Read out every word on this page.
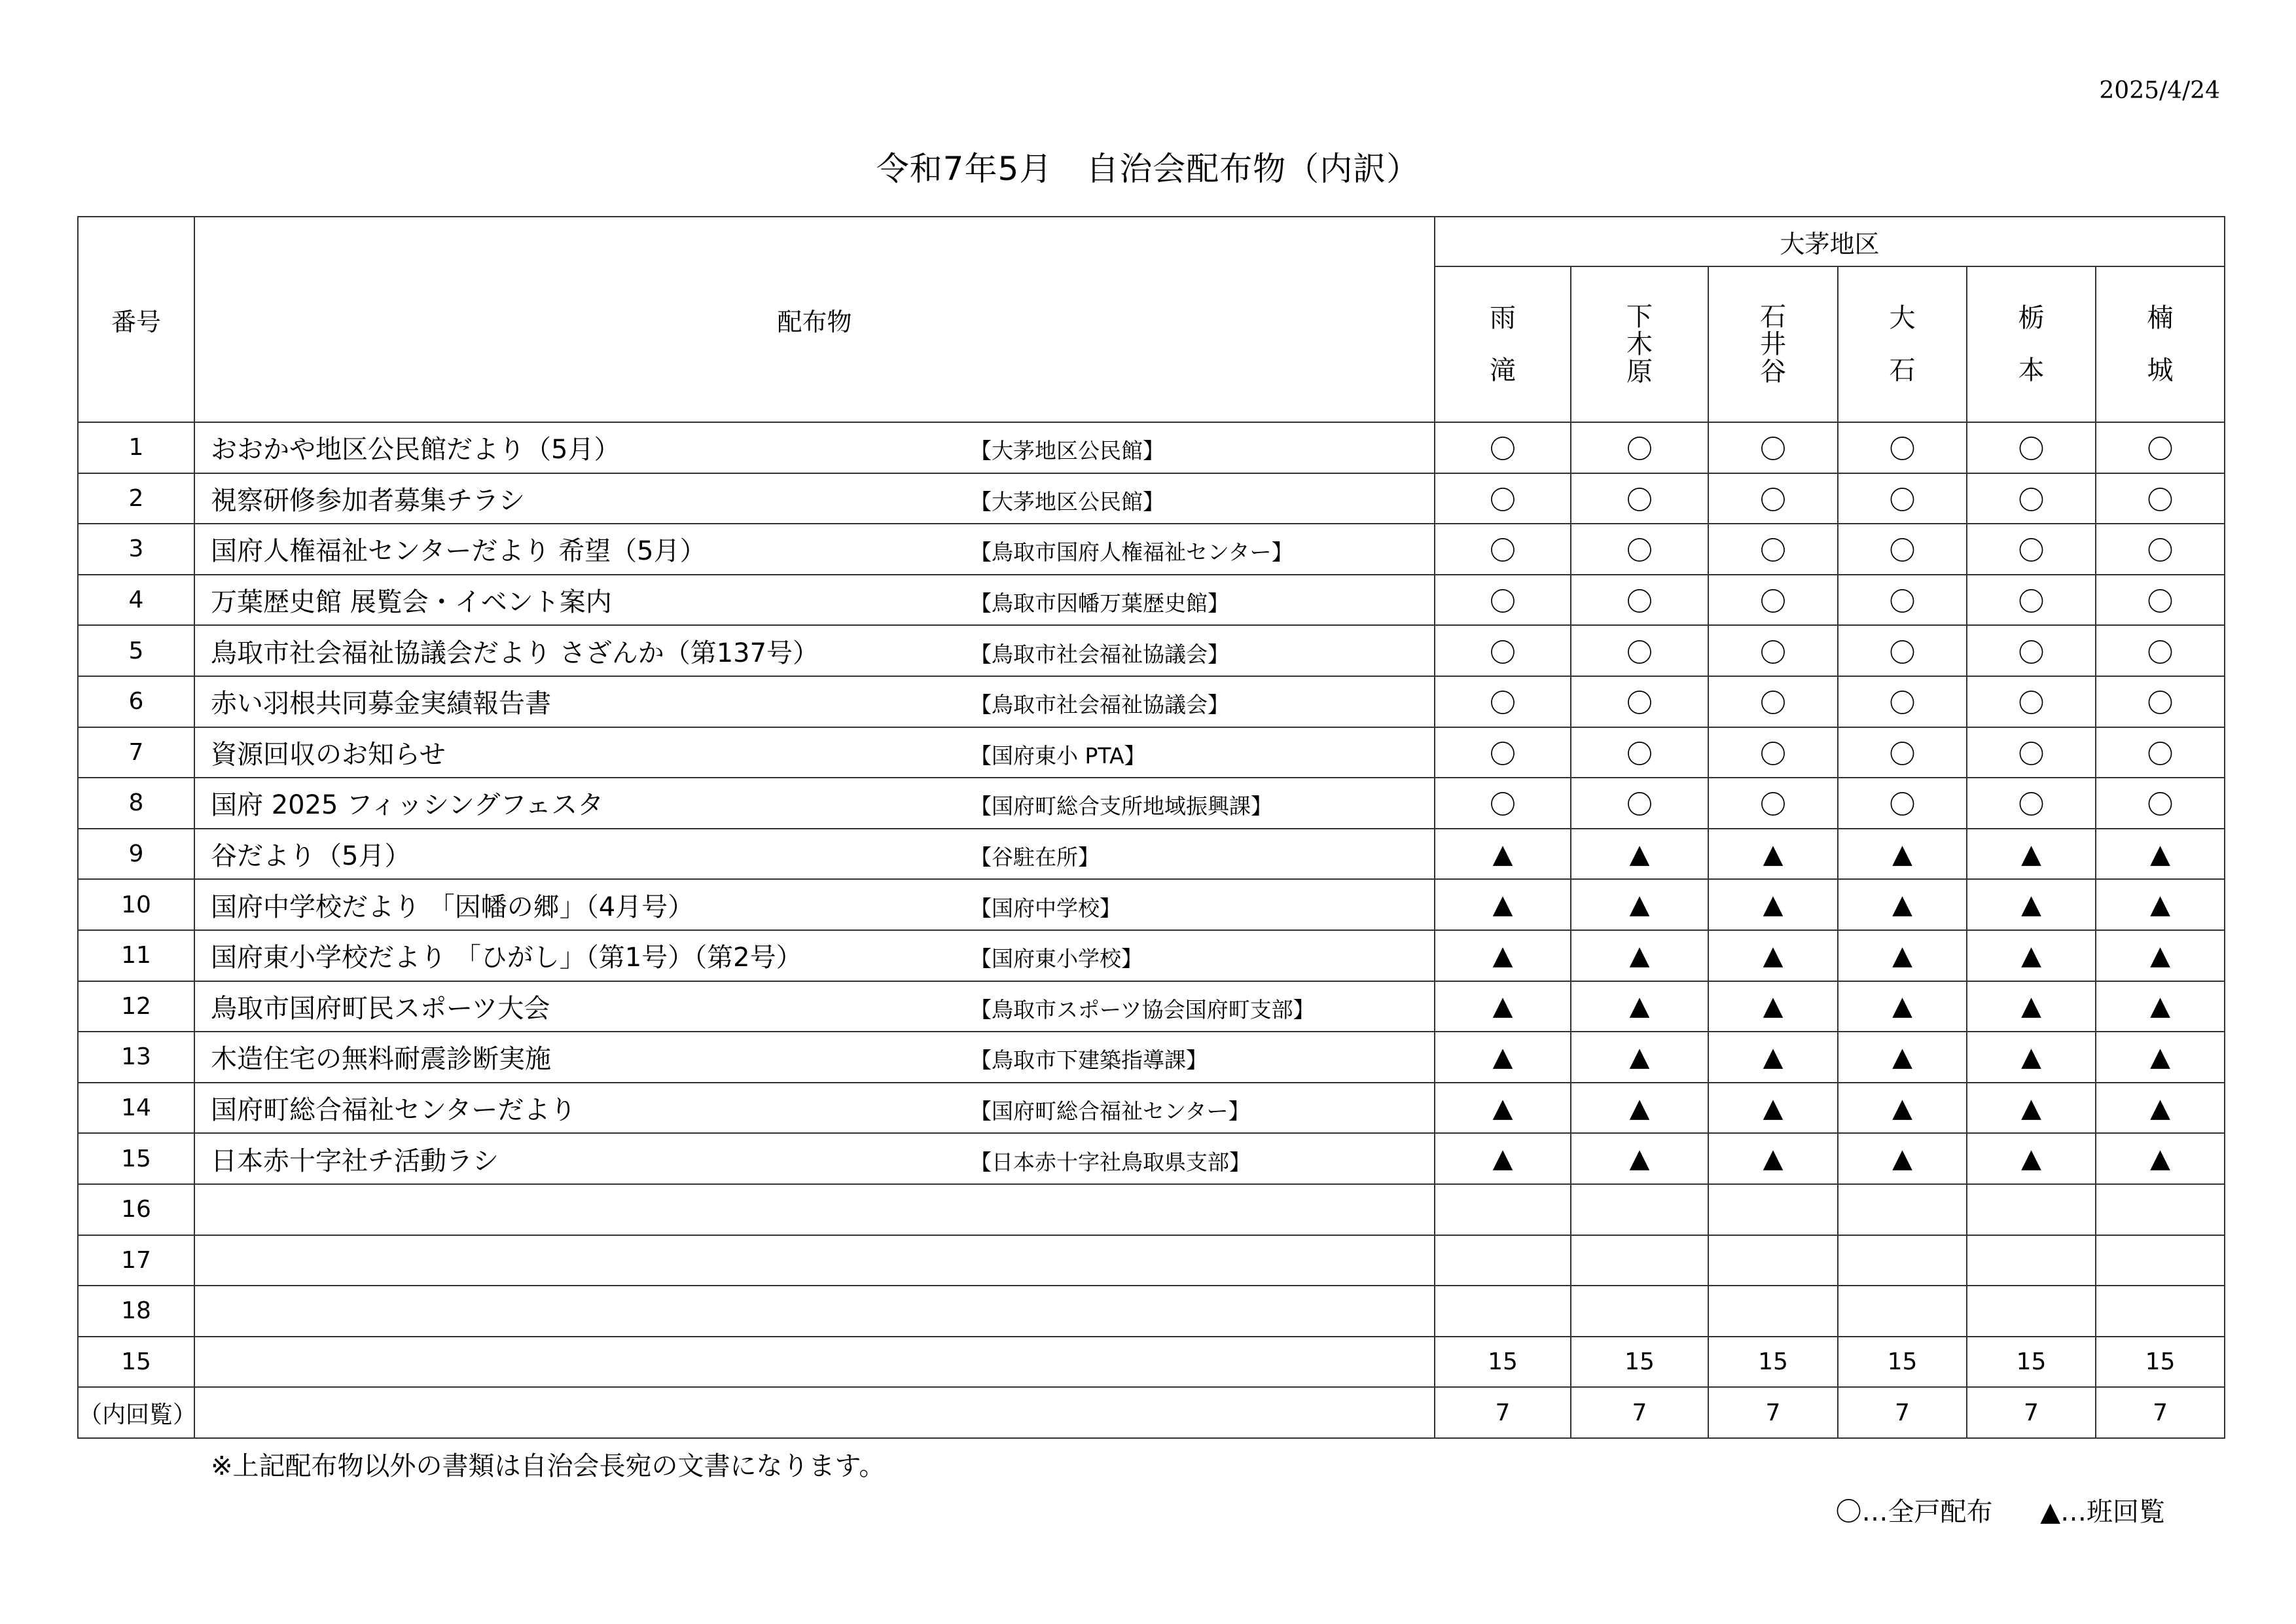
2025/4/24
令和7年5月　自治会配布物（内訳）
番号	配布物	大茅地区					
		雨滝	下木原	石井谷	大石	栃本	楠城
1	おおかや地区公民館だより（5月） 【大茅地区公民館】	〇	〇	〇	〇	〇	〇
2	視察研修参加者募集チラシ 【大茅地区公民館】	〇	〇	〇	〇	〇	〇
3	国府人権福祉センターだより 希望（5月） 【鳥取市国府人権福祉センター】	〇	〇	〇	〇	〇	〇
4	万葉歴史館 展覧会・イベント案内 【鳥取市因幡万葉歴史館】	〇	〇	〇	〇	〇	〇
5	鳥取市社会福祉協議会だより さざんか（第137号） 【鳥取市社会福祉協議会】	〇	〇	〇	〇	〇	〇
6	赤い羽根共同募金実績報告書 【鳥取市社会福祉協議会】	〇	〇	〇	〇	〇	〇
7	資源回収のお知らせ 【国府東小 PTA】	〇	〇	〇	〇	〇	〇
8	国府 2025 フィッシングフェスタ 【国府町総合支所地域振興課】	〇	〇	〇	〇	〇	〇
9	谷だより（5月） 【谷駐在所】	▲	▲	▲	▲	▲	▲
10	国府中学校だより 「因幡の郷」（4月号） 【国府中学校】	▲	▲	▲	▲	▲	▲
11	国府東小学校だより 「ひがし」（第1号）（第2号） 【国府東小学校】	▲	▲	▲	▲	▲	▲
12	鳥取市国府町民スポーツ大会 【鳥取市スポーツ協会国府町支部】	▲	▲	▲	▲	▲	▲
13	木造住宅の無料耐震診断実施 【鳥取市下建築指導課】	▲	▲	▲	▲	▲	▲
14	国府町総合福祉センターだより 【国府町総合福祉センター】	▲	▲	▲	▲	▲	▲
15	日本赤十字社チ活動ラシ 【日本赤十字社鳥取県支部】	▲	▲	▲	▲	▲	▲
16							
17							
18							
15		15	15	15	15	15	15
（内回覧）		7	7	7	7	7	7
※上記配布物以外の書類は自治会長宛の文書になります。
〇…全戸配布 ▲…班回覧
